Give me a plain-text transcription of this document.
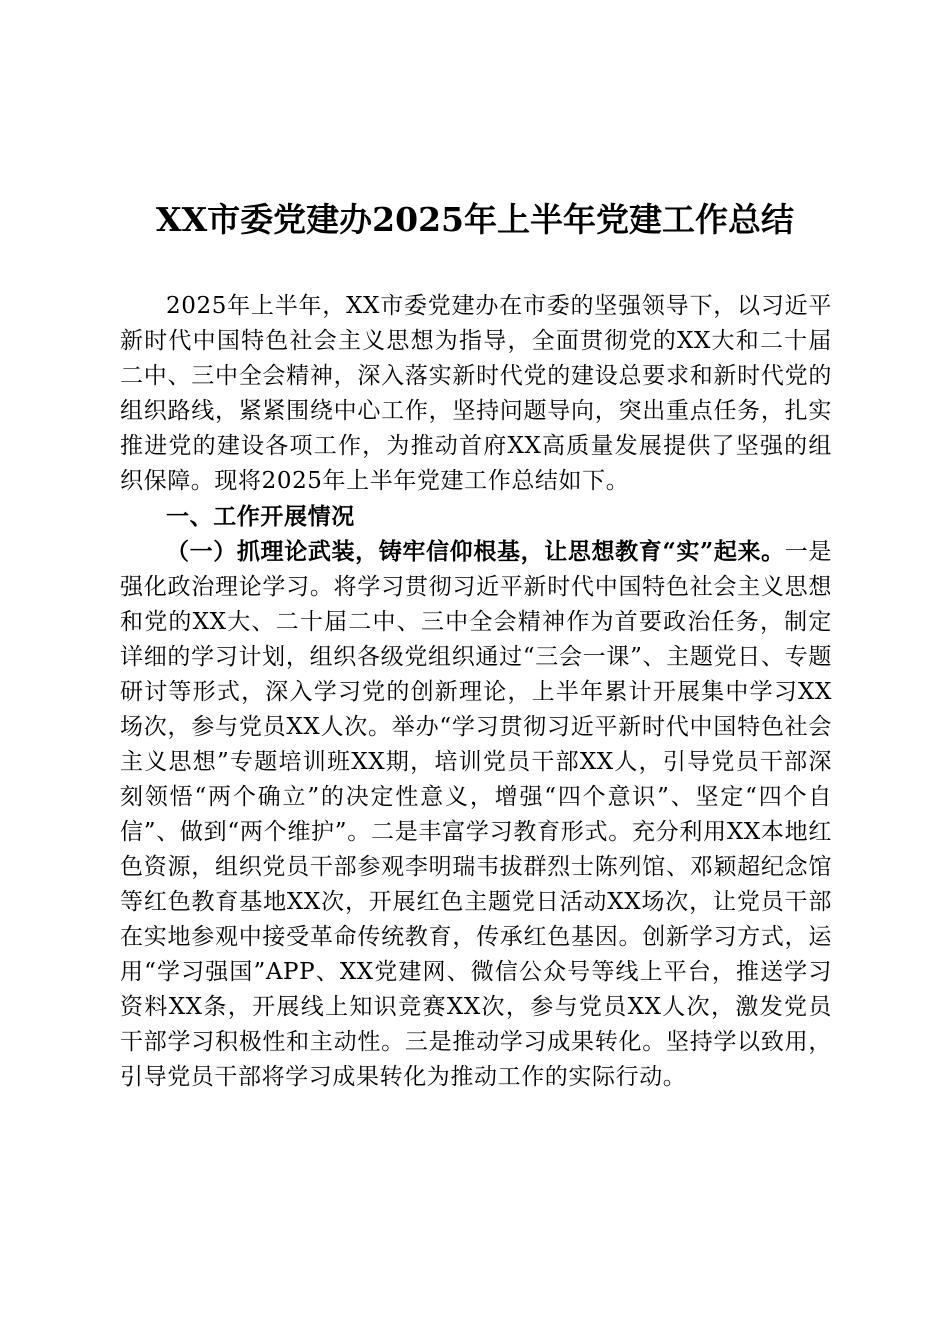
XX市委党建办2025年上半年党建工作总结

2025年上半年，XX市委党建办在市委的坚强领导下，以习近平新时代中国特色社会主义思想为指导，全面贯彻党的XX大和二十届二中、三中全会精神，深入落实新时代党的建设总要求和新时代党的组织路线，紧紧围绕中心工作，坚持问题导向，突出重点任务，扎实推进党的建设各项工作，为推动首府XX高质量发展提供了坚强的组织保障。现将2025年上半年党建工作总结如下。

一、工作开展情况

（一）抓理论武装，铸牢信仰根基，让思想教育“实”起来。一是强化政治理论学习。将学习贯彻习近平新时代中国特色社会主义思想和党的XX大、二十届二中、三中全会精神作为首要政治任务，制定详细的学习计划，组织各级党组织通过“三会一课”、主题党日、专题研讨等形式，深入学习党的创新理论，上半年累计开展集中学习XX场次，参与党员XX人次。举办“学习贯彻习近平新时代中国特色社会主义思想”专题培训班XX期，培训党员干部XX人，引导党员干部深刻领悟“两个确立”的决定性意义，增强“四个意识”、坚定“四个自信”、做到“两个维护”。二是丰富学习教育形式。充分利用XX本地红色资源，组织党员干部参观李明瑞韦拔群烈士陈列馆、邓颖超纪念馆等红色教育基地XX次，开展红色主题党日活动XX场次，让党员干部在实地参观中接受革命传统教育，传承红色基因。创新学习方式，运用“学习强国”APP、XX党建网、微信公众号等线上平台，推送学习资料XX条，开展线上知识竞赛XX次，参与党员XX人次，激发党员干部学习积极性和主动性。三是推动学习成果转化。坚持学以致用，引导党员干部将学习成果转化为推动工作的实际行动。
